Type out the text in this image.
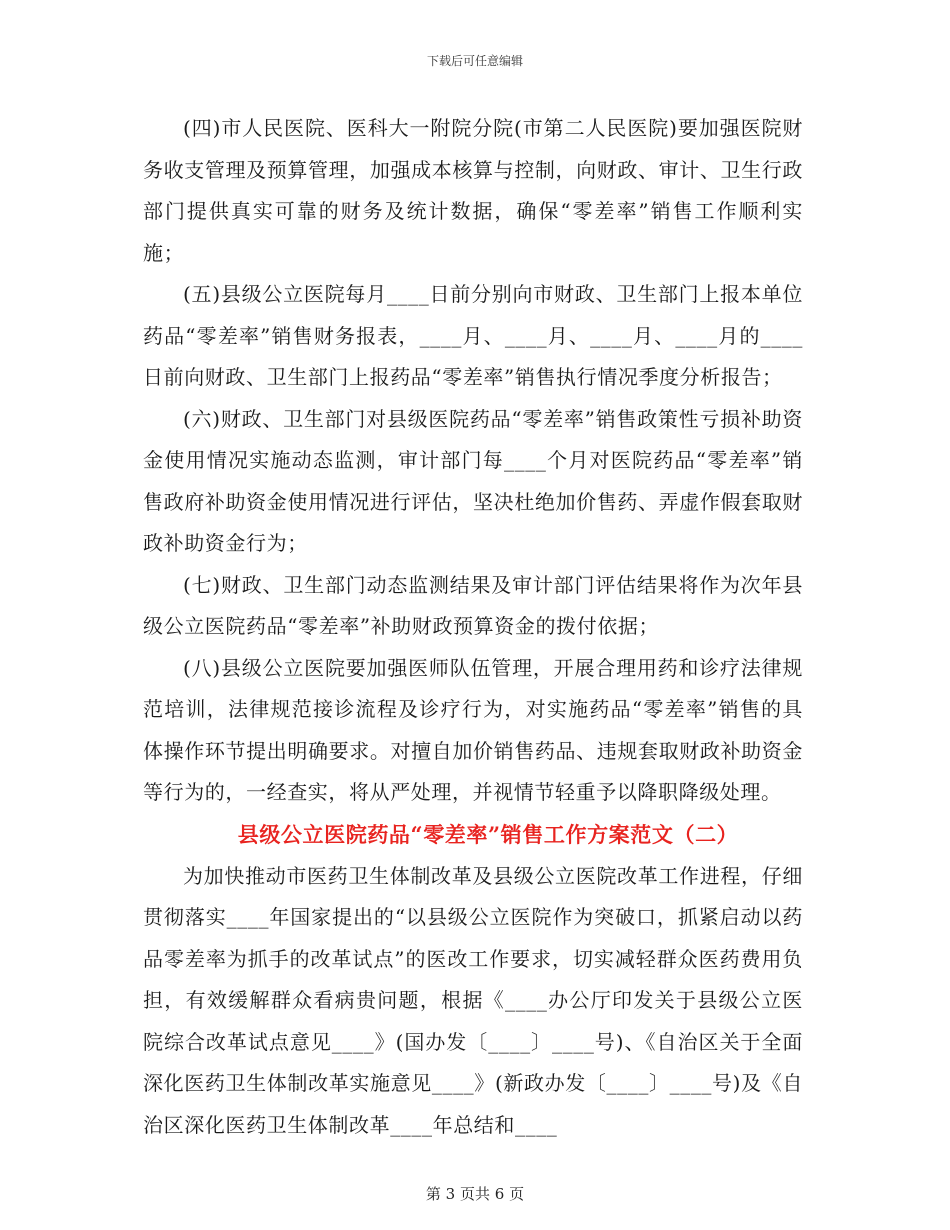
下载后可任意编辑

(四)市人民医院、医科大一附院分院(市第二人民医院)要加强医院财务收支管理及预算管理，加强成本核算与控制，向财政、审计、卫生行政部门提供真实可靠的财务及统计数据，确保“零差率”销售工作顺利实施；

(五)县级公立医院每月____日前分别向市财政、卫生部门上报本单位药品“零差率”销售财务报表，____月、____月、____月、____月的____日前向财政、卫生部门上报药品“零差率”销售执行情况季度分析报告；

(六)财政、卫生部门对县级医院药品“零差率”销售政策性亏损补助资金使用情况实施动态监测，审计部门每____个月对医院药品“零差率”销售政府补助资金使用情况进行评估，坚决杜绝加价售药、弄虚作假套取财政补助资金行为；

(七)财政、卫生部门动态监测结果及审计部门评估结果将作为次年县级公立医院药品“零差率”补助财政预算资金的拨付依据；

(八)县级公立医院要加强医师队伍管理，开展合理用药和诊疗法律规范培训，法律规范接诊流程及诊疗行为，对实施药品“零差率”销售的具体操作环节提出明确要求。对擅自加价销售药品、违规套取财政补助资金等行为的，一经查实，将从严处理，并视情节轻重予以降职降级处理。

县级公立医院药品“零差率”销售工作方案范文（二）

为加快推动市医药卫生体制改革及县级公立医院改革工作进程，仔细贯彻落实____年国家提出的“以县级公立医院作为突破口，抓紧启动以药品零差率为抓手的改革试点”的医改工作要求，切实减轻群众医药费用负担，有效缓解群众看病贵问题，根据《____办公厅印发关于县级公立医院综合改革试点意见____》(国办发〔____〕____号)、《自治区关于全面深化医药卫生体制改革实施意见____》(新政办发〔____〕____号)及《自治区深化医药卫生体制改革____年总结和____

第 3 页共 6 页
